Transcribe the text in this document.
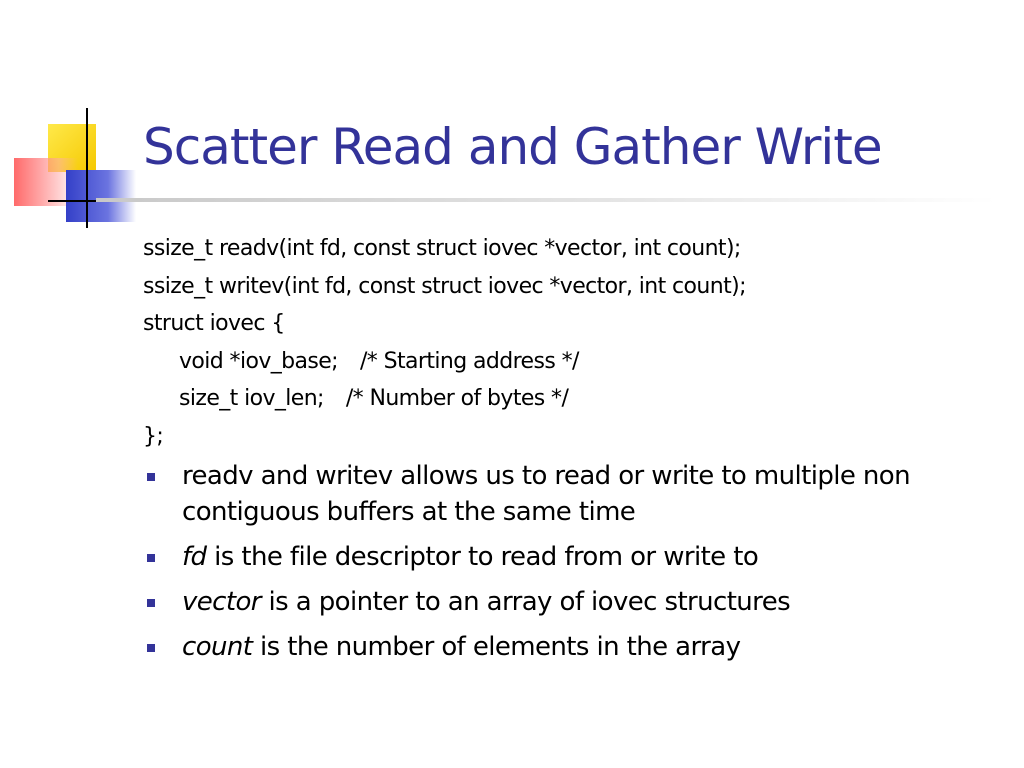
Scatter Read and Gather Write
ssize_t readv(int fd, const struct iovec *vector, int count);
ssize_t writev(int fd, const struct iovec *vector, int count);
struct iovec {
void *iov_base; /* Starting address */
size_t iov_len; /* Number of bytes */
};
readv and writev allows us to read or write to multiple non contiguous buffers at the same time
fd is the file descriptor to read from or write to
vector is a pointer to an array of iovec structures
count is the number of elements in the array
